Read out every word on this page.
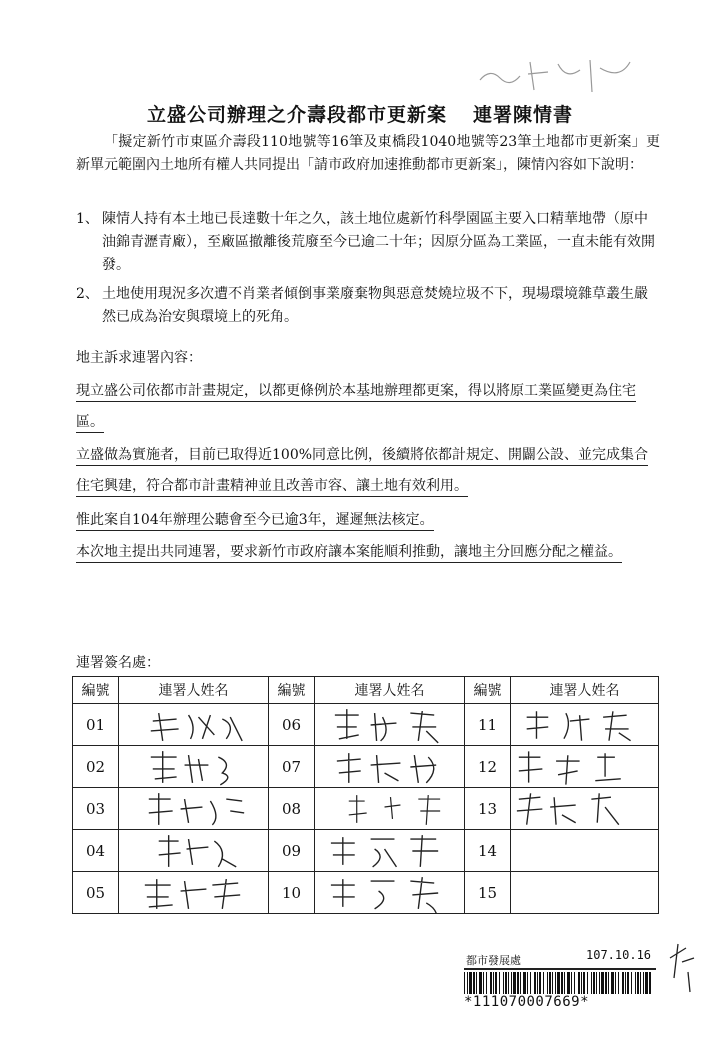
立盛公司辦理之介壽段都市更新案 連署陳情書
「擬定新竹市東區介壽段110地號等16筆及東橋段1040地號等23筆土地都市更新案」更新單元範圍內土地所有權人共同提出「請市政府加速推動都市更新案」，陳情內容如下說明：
1、 陳情人持有本土地已長達數十年之久，該土地位處新竹科學園區主要入口精華地帶（原中油錦青瀝青廠），至廠區撤離後荒廢至今已逾二十年；因原分區為工業區，一直未能有效開發。
2、 土地使用現況多次遭不肖業者傾倒事業廢棄物與惡意焚燒垃圾不下，現場環境雜草叢生嚴然已成為治安與環境上的死角。
地主訴求連署內容：
現立盛公司依都市計畫規定，以都更條例於本基地辦理都更案，得以將原工業區變更為住宅區。
立盛做為實施者，目前已取得近100%同意比例，後續將依都計規定、開闢公設、並完成集合住宅興建，符合都市計畫精神並且改善市容、讓土地有效利用。
惟此案自104年辦理公聽會至今已逾3年，遲遲無法核定。
本次地主提出共同連署，要求新竹市政府讓本案能順利推動，讓地主分回應分配之權益。
連署簽名處：
編號	連署人姓名	編號	連署人姓名	編號	連署人姓名
01		06		11	

02		07		12	

03		08		13	

04		09		14	
05		10		15	
都市發展處	107.10.16
*111070007669*
